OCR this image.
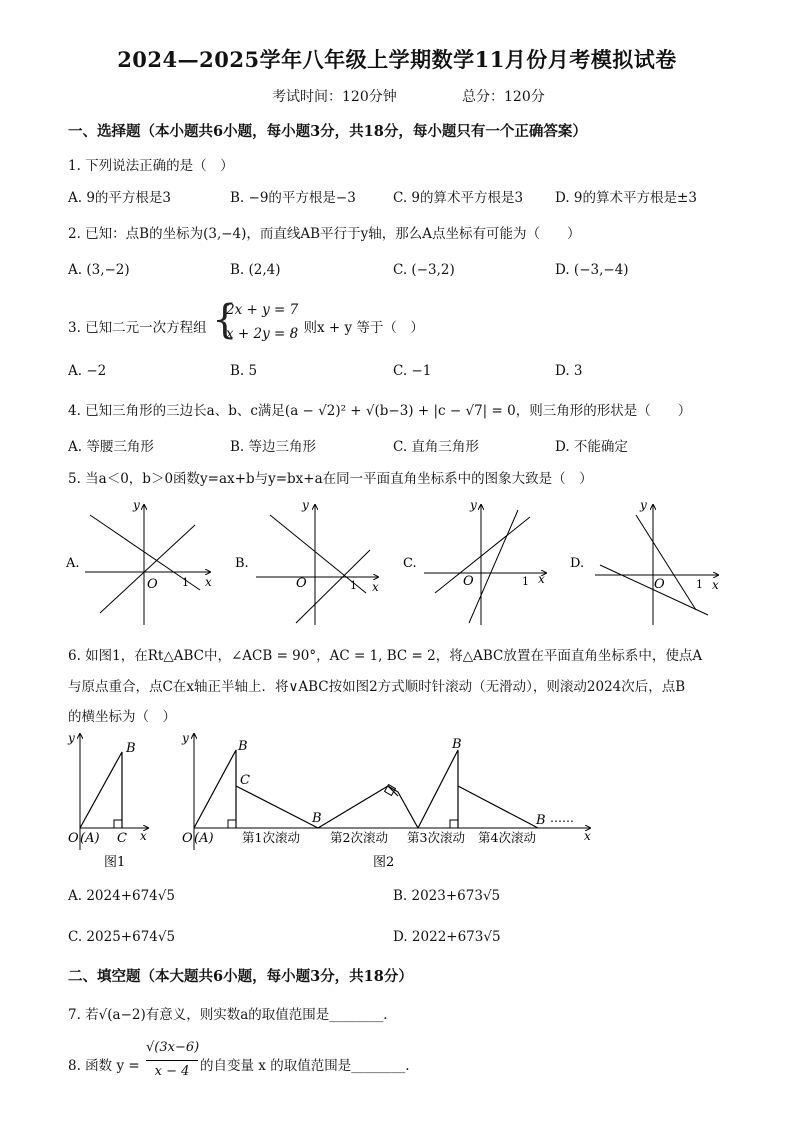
2024—2025学年八年级上学期数学11月份月考模拟试卷
考试时间：120分钟	总分：120分
一、选择题（本小题共6小题，每小题3分，共18分，每小题只有一个正确答案）
1. 下列说法正确的是（　）
A. 9的平方根是3	B. −9的平方根是−3	C. 9的算术平方根是3 D. 9的算术平方根是±3
2. 已知：点B的坐标为(3,−4)，而直线AB平行于y轴，那么A点坐标有可能为（　　）
A. (3,−2)	B. (2,4)	C. (−3,2)	D. (−3,−4)
3. 已知二元一次方程组 {
2x + y = 7
x + 2y = 8
，则x + y 等于（　）
A. −2	B. 5	C. −1	D. 3
4. 已知三角形的三边长a、b、c满足(a − √2)² + √(b−3) + |c − √7| = 0，则三角形的形状是（　　）
A. 等腰三角形	B. 等边三角形	C. 直角三角形	D. 不能确定
5. 当a＜0，b＞0函数y=ax+b与y=bx+a在同一平面直角坐标系中的图象大致是（　）
A.
O 1 x
y
B.
O	1 x
y
C.
O	1 x
y
D.
O	1 x
y
6. 如图1，在Rt△ABC中，∠ACB = 90°，AC = 1, BC = 2，将△ABC放置在平面直角坐标系中，使点A
与原点重合，点C在x轴正半轴上．将∨ABC按如图2方式顺时针滚动（无滑动），则滚动2024次后，点B
的横坐标为（　）
y
B
O (A) C x
图1
y
B
C
B
B
B ……
O (A) 第1次滚动 第2次滚动 第3次滚动 第4次滚动	x
图2
A. 2024+674√5	B. 2023+673√5
C. 2025+674√5	D. 2022+673√5
二、填空题（本大题共6小题，每小题3分，共18分）
7. 若√(a−2)有意义，则实数a的取值范围是________.
8. 函数 y =
√(3x−6)
x − 4 的自变量 x 的取值范围是________.
